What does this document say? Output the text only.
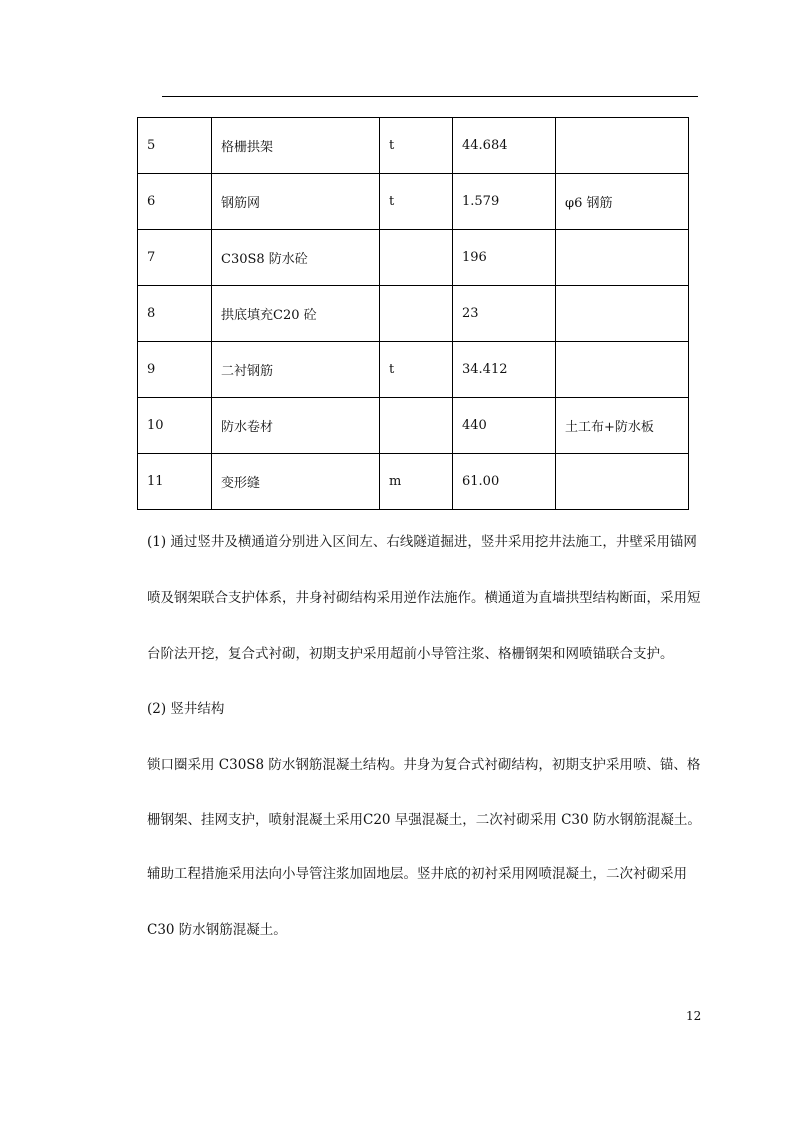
5	格栅拱架	t	44.684	
6	钢筋网	t	1.579	φ6 钢筋
7	C30S8 防水砼		196	
8	拱底填充C20 砼		23	
9	二衬钢筋	t	34.412	
10	防水卷材		440	土工布+防水板
11	变形缝	m	61.00	

(1) 通过竖井及横通道分别进入区间左、右线隧道掘进，竖井采用挖井法施工，井壁采用锚网

喷及钢架联合支护体系，井身衬砌结构采用逆作法施作。横通道为直墙拱型结构断面，采用短

台阶法开挖，复合式衬砌，初期支护采用超前小导管注浆、格栅钢架和网喷锚联合支护。

(2) 竖井结构

锁口圈采用 C30S8 防水钢筋混凝土结构。井身为复合式衬砌结构，初期支护采用喷、锚、格

栅钢架、挂网支护，喷射混凝土采用C20 早强混凝土，二次衬砌采用 C30 防水钢筋混凝土。

辅助工程措施采用法向小导管注浆加固地层。竖井底的初衬采用网喷混凝土，二次衬砌采用

C30 防水钢筋混凝土。

12
